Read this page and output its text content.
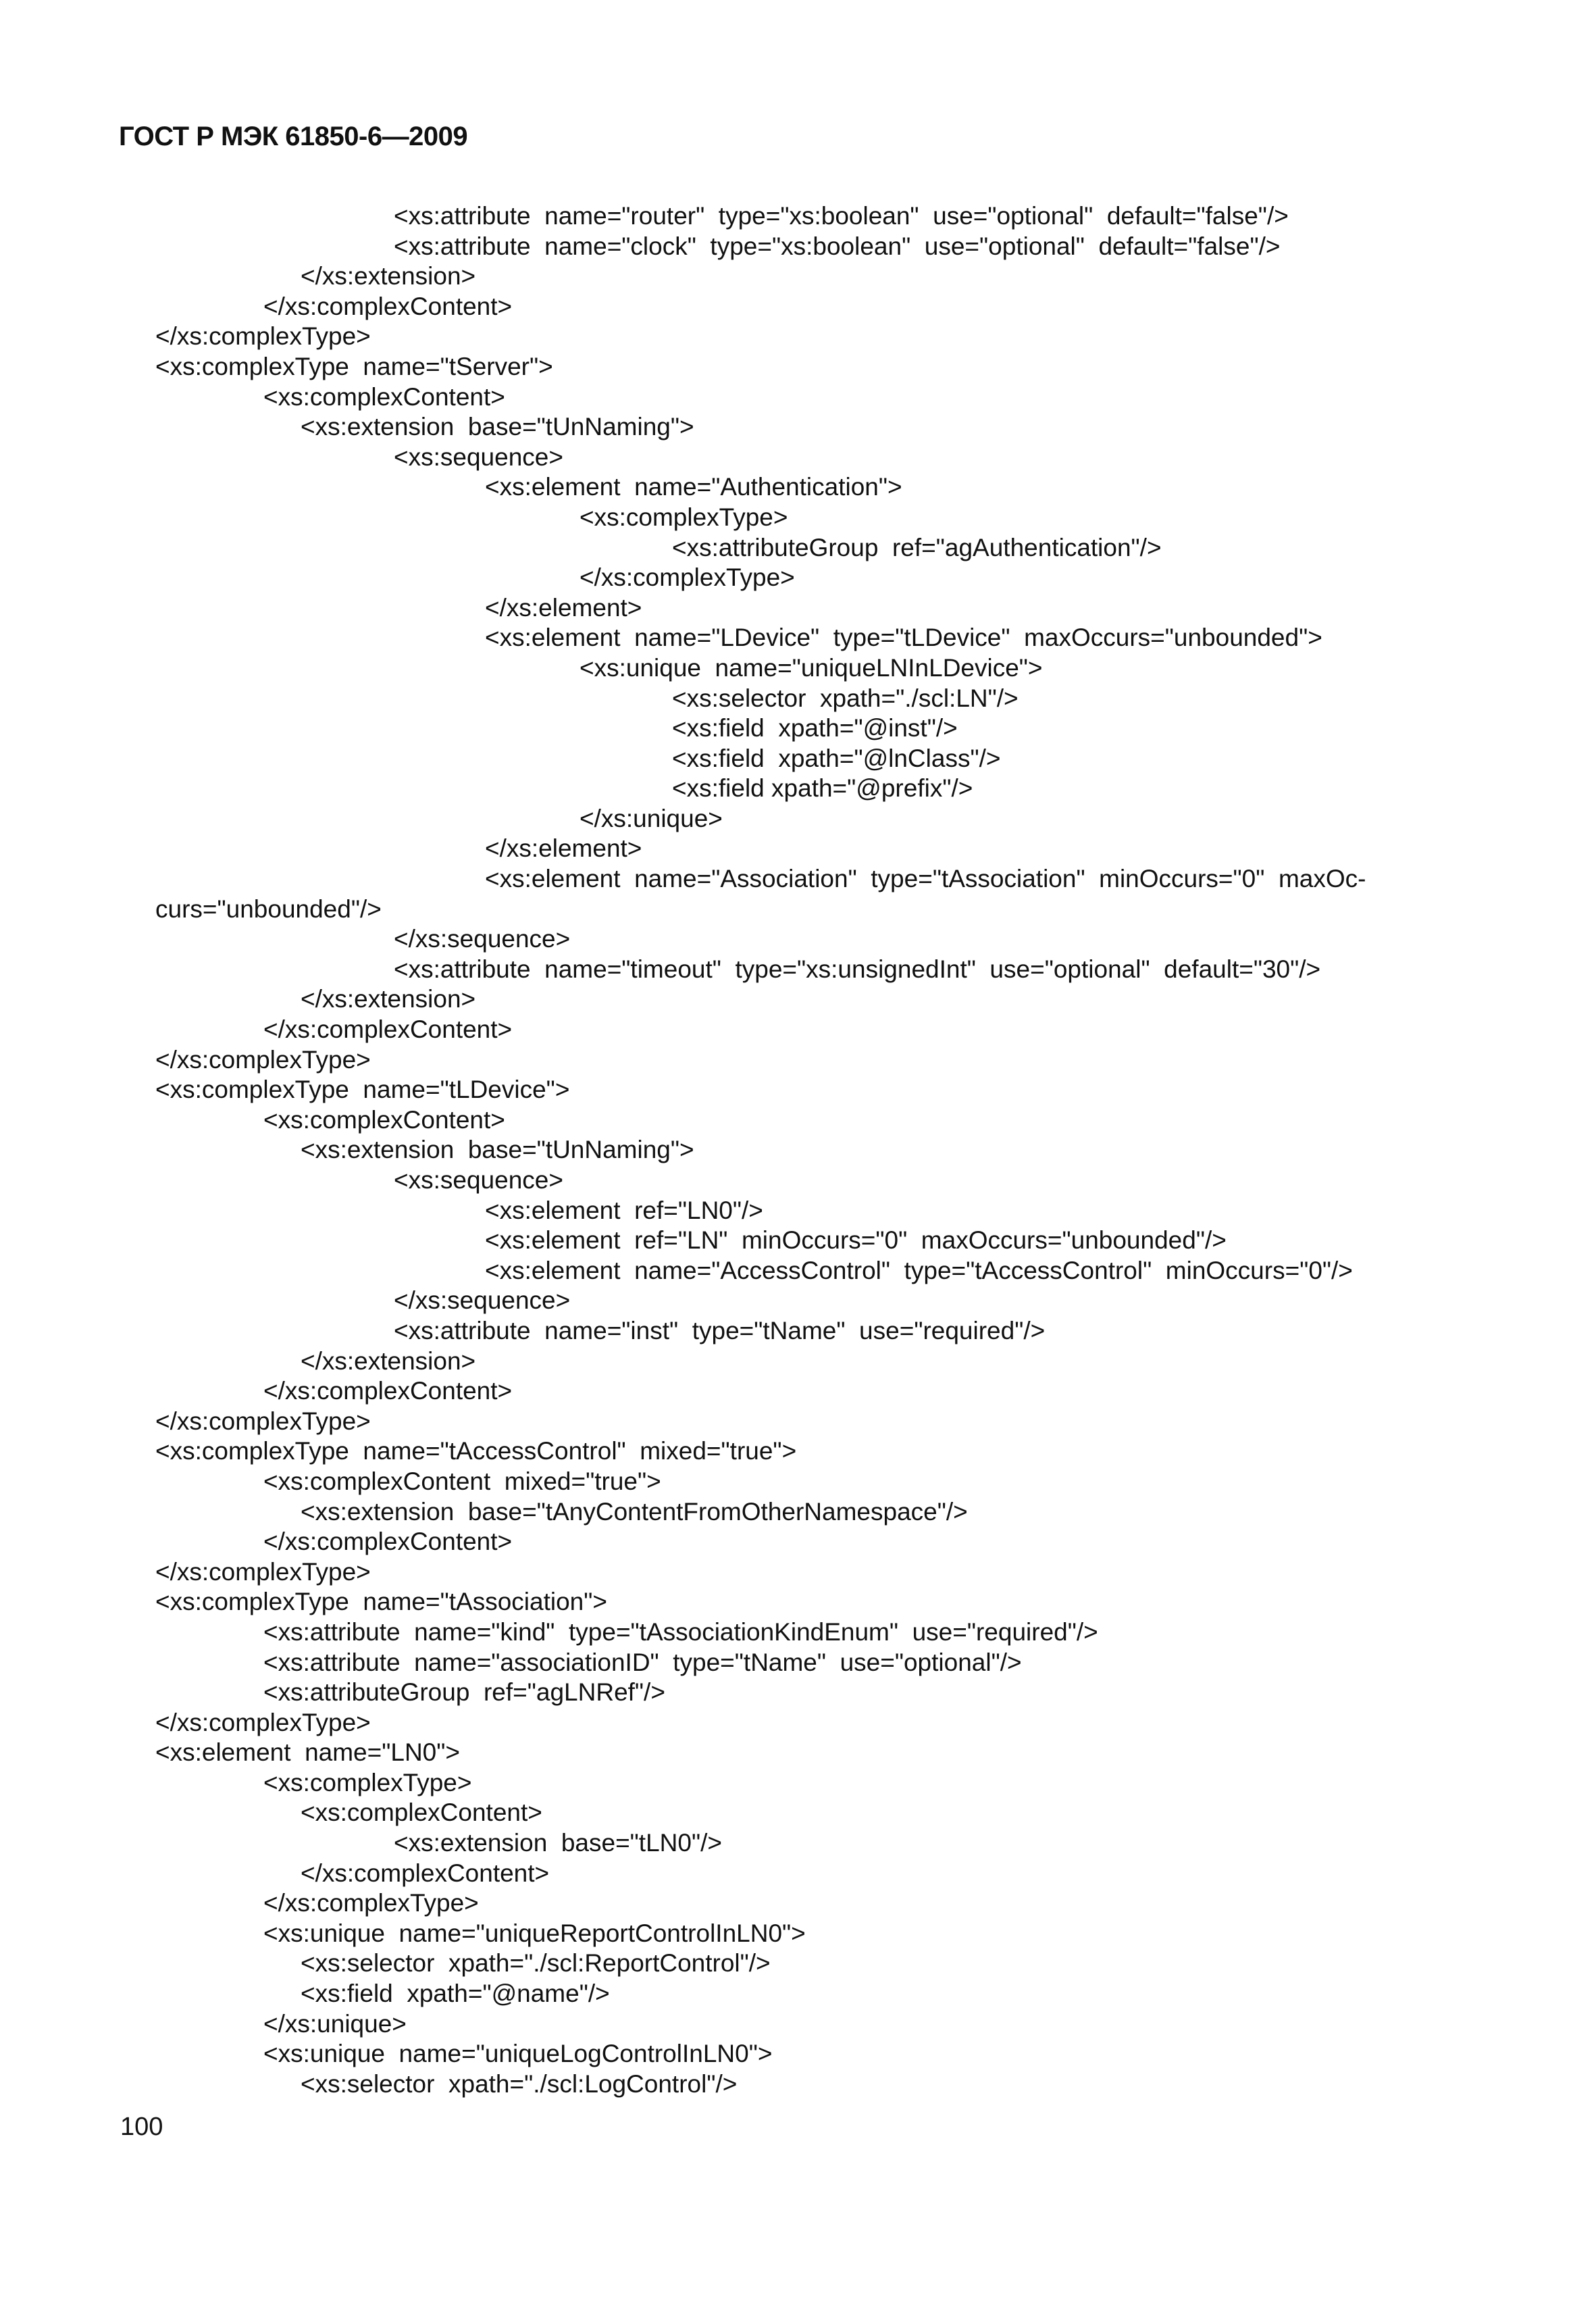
ГОСТ Р МЭК 61850-6—2009
<xs:attribute  name="router"  type="xs:boolean"  use="optional"  default="false"/>
<xs:attribute  name="clock"  type="xs:boolean"  use="optional"  default="false"/>
</xs:extension>
</xs:complexContent>
</xs:complexType>
<xs:complexType  name="tServer">
<xs:complexContent>
<xs:extension  base="tUnNaming">
<xs:sequence>
<xs:element  name="Authentication">
<xs:complexType>
<xs:attributeGroup  ref="agAuthentication"/>
</xs:complexType>
</xs:element>
<xs:element  name="LDevice"  type="tLDevice"  maxOccurs="unbounded">
<xs:unique  name="uniqueLNInLDevice">
<xs:selector  xpath="./scl:LN"/>
<xs:field  xpath="@inst"/>
<xs:field  xpath="@lnClass"/>
<xs:field xpath="@prefix"/>
</xs:unique>
</xs:element>
<xs:element  name="Association"  type="tAssociation"  minOccurs="0"  maxOc-
curs="unbounded"/>
</xs:sequence>
<xs:attribute  name="timeout"  type="xs:unsignedInt"  use="optional"  default="30"/>
</xs:extension>
</xs:complexContent>
</xs:complexType>
<xs:complexType  name="tLDevice">
<xs:complexContent>
<xs:extension  base="tUnNaming">
<xs:sequence>
<xs:element  ref="LN0"/>
<xs:element  ref="LN"  minOccurs="0"  maxOccurs="unbounded"/>
<xs:element  name="AccessControl"  type="tAccessControl"  minOccurs="0"/>
</xs:sequence>
<xs:attribute  name="inst"  type="tName"  use="required"/>
</xs:extension>
</xs:complexContent>
</xs:complexType>
<xs:complexType  name="tAccessControl"  mixed="true">
<xs:complexContent  mixed="true">
<xs:extension  base="tAnyContentFromOtherNamespace"/>
</xs:complexContent>
</xs:complexType>
<xs:complexType  name="tAssociation">
<xs:attribute  name="kind"  type="tAssociationKindEnum"  use="required"/>
<xs:attribute  name="associationID"  type="tName"  use="optional"/>
<xs:attributeGroup  ref="agLNRef"/>
</xs:complexType>
<xs:element  name="LN0">
<xs:complexType>
<xs:complexContent>
<xs:extension  base="tLN0"/>
</xs:complexContent>
</xs:complexType>
<xs:unique  name="uniqueReportControlInLN0">
<xs:selector  xpath="./scl:ReportControl"/>
<xs:field  xpath="@name"/>
</xs:unique>
<xs:unique  name="uniqueLogControlInLN0">
<xs:selector  xpath="./scl:LogControl"/>
100
